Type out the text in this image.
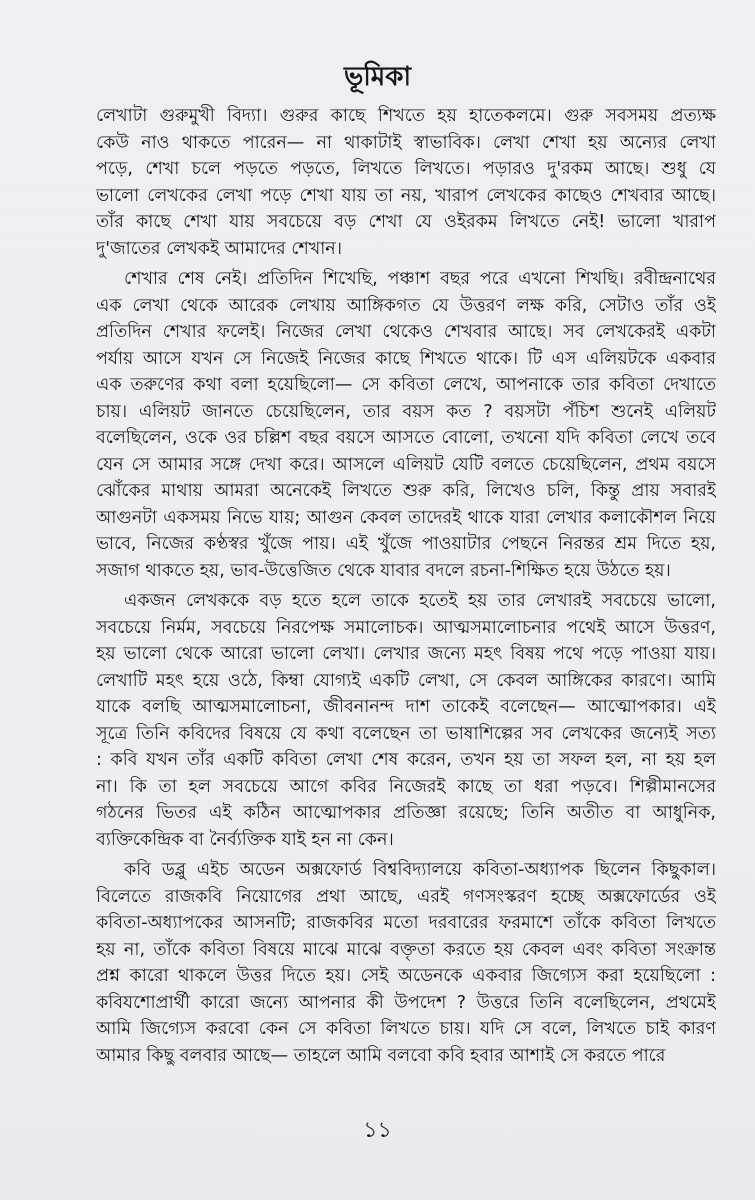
ভূমিকা
লেখাটা গুরুমুখী বিদ্যা। গুরুর কাছে শিখতে হয় হাতেকলমে। গুরু সবসময় প্রত্যক্ষ
কেউ নাও থাকতে পারেন— না থাকাটাই স্বাভাবিক। লেখা শেখা হয় অন্যের লেখা
পড়ে, শেখা চলে পড়তে পড়তে, লিখতে লিখতে। পড়ারও দু'রকম আছে। শুধু যে
ভালো লেখকের লেখা পড়ে শেখা যায় তা নয়, খারাপ লেখকের কাছেও শেখবার আছে।
তাঁর কাছে শেখা যায় সবচেয়ে বড় শেখা যে ওইরকম লিখতে নেই! ভালো খারাপ
দু'জাতের লেখকই আমাদের শেখান।
শেখার শেষ নেই। প্রতিদিন শিখেছি, পঞ্চাশ বছর পরে এখনো শিখছি। রবীন্দ্রনাথের
এক লেখা থেকে আরেক লেখায় আঙ্গিকগত যে উত্তরণ লক্ষ করি, সেটাও তাঁর ওই
প্রতিদিন শেখার ফলেই। নিজের লেখা থেকেও শেখবার আছে। সব লেখকেরই একটা
পর্যায় আসে যখন সে নিজেই নিজের কাছে শিখতে থাকে। টি এস এলিয়টকে একবার
এক তরুণের কথা বলা হয়েছিলো— সে কবিতা লেখে, আপনাকে তার কবিতা দেখাতে
চায়। এলিয়ট জানতে চেয়েছিলেন, তার বয়স কত ? বয়সটা পঁচিশ শুনেই এলিয়ট
বলেছিলেন, ওকে ওর চল্লিশ বছর বয়সে আসতে বোলো, তখনো যদি কবিতা লেখে তবে
যেন সে আমার সঙ্গে দেখা করে। আসলে এলিয়ট যেটি বলতে চেয়েছিলেন, প্রথম বয়সে
ঝোঁকের মাথায় আমরা অনেকেই লিখতে শুরু করি, লিখেও চলি, কিন্তু প্রায় সবারই
আগুনটা একসময় নিভে যায়; আগুন কেবল তাদেরই থাকে যারা লেখার কলাকৌশল নিয়ে
ভাবে, নিজের কণ্ঠস্বর খুঁজে পায়। এই খুঁজে পাওয়াটার পেছনে নিরন্তর শ্রম দিতে হয়,
সজাগ থাকতে হয়, ভাব-উত্তেজিত থেকে যাবার বদলে রচনা-শিক্ষিত হয়ে উঠতে হয়।
একজন লেখককে বড় হতে হলে তাকে হতেই হয় তার লেখারই সবচেয়ে ভালো,
সবচেয়ে নির্মম, সবচেয়ে নিরপেক্ষ সমালোচক। আত্মসমালোচনার পথেই আসে উত্তরণ,
হয় ভালো থেকে আরো ভালো লেখা। লেখার জন্যে মহৎ বিষয় পথে পড়ে পাওয়া যায়।
লেখাটি মহৎ হয়ে ওঠে, কিম্বা যোগ্যই একটি লেখা, সে কেবল আঙ্গিকের কারণে। আমি
যাকে বলছি আত্মসমালোচনা, জীবনানন্দ দাশ তাকেই বলেছেন— আত্মোপকার। এই
সূত্রে তিনি কবিদের বিষয়ে যে কথা বলেছেন তা ভাষাশিল্পের সব লেখকের জন্যেই সত্য
: কবি যখন তাঁর একটি কবিতা লেখা শেষ করেন, তখন হয় তা সফল হল, না হয় হল
না। কি তা হল সবচেয়ে আগে কবির নিজেরই কাছে তা ধরা পড়বে। শিল্পীমানসের
গঠনের ভিতর এই কঠিন আত্মোপকার প্রতিজ্ঞা রয়েছে; তিনি অতীত বা আধুনিক,
ব্যক্তিকেন্দ্রিক বা নৈর্ব্যক্তিক যাই হন না কেন।
কবি ডব্লু এইচ অডেন অক্সফোর্ড বিশ্ববিদ্যালয়ে কবিতা-অধ্যাপক ছিলেন কিছুকাল।
বিলেতে রাজকবি নিয়োগের প্রথা আছে, এরই গণসংস্করণ হচ্ছে অক্সফোর্ডের ওই
কবিতা-অধ্যাপকের আসনটি; রাজকবির মতো দরবারের ফরমাশে তাঁকে কবিতা লিখতে
হয় না, তাঁকে কবিতা বিষয়ে মাঝে মাঝে বক্তৃতা করতে হয় কেবল এবং কবিতা সংক্রান্ত
প্রশ্ন কারো থাকলে উত্তর দিতে হয়। সেই অডেনকে একবার জিগ্যেস করা হয়েছিলো :
কবিযশোপ্রার্থী কারো জন্যে আপনার কী উপদেশ ? উত্তরে তিনি বলেছিলেন, প্রথমেই
আমি জিগ্যেস করবো কেন সে কবিতা লিখতে চায়। যদি সে বলে, লিখতে চাই কারণ
আমার কিছু বলবার আছে— তাহলে আমি বলবো কবি হবার আশাই সে করতে পারে
১১
